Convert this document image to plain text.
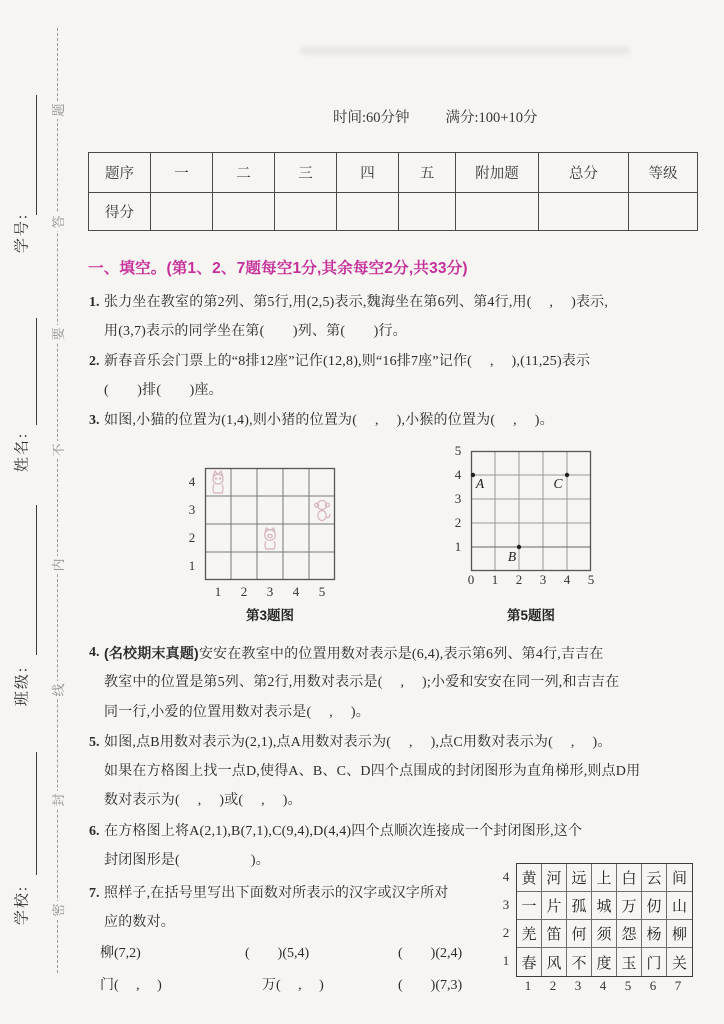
题
答
要
不
内
线
封
密
学号:
姓名:
班级:
学校:
时间:60分钟 满分:100+10分
题序	一	二	三	四	五	附加题	总分	等级
得分								
一、填空。(第1、2、7题每空1分,其余每空2分,共33分)
1. 张力坐在教室的第2列、第5行,用(2,5)表示,魏海坐在第6列、第4行,用(　 , 　)表示,
用(3,7)表示的同学坐在第(　　)列、第(　　)行。
2. 新春音乐会门票上的“8排12座”记作(12,8),则“16排7座”记作(　 , 　),(11,25)表示
(　　)排(　　)座。
3. 如图,小猫的位置为(1,4),则小猪的位置为(　 , 　),小猴的位置为(　 , 　)。
4
3
2
1
1 2 3 4 5
第3题图
5
4
3
2
1
0 1 2 3 4 5
A
B
C
第5题图
4. (名校期末真题)安安在教室中的位置用数对表示是(6,4),表示第6列、第4行,吉吉在
教室中的位置是第5列、第2行,用数对表示是(　 , 　);小爱和安安在同一列,和吉吉在
同一行,小爱的位置用数对表示是(　 , 　)。
5. 如图,点B用数对表示为(2,1),点A用数对表示为(　 , 　),点C用数对表示为(　 , 　)。
如果在方格图上找一点D,使得A、B、C、D四个点围成的封闭图形为直角梯形,则点D用
数对表示为(　 , 　)或(　 , 　)。
6. 在方格图上将A(2,1),B(7,1),C(9,4),D(4,4)四个点顺次连接成一个封闭图形,这个
封闭图形是(　　　　　)。
7. 照样子,在括号里写出下面数对所表示的汉字或汉字所对
应的数对。
柳(7,2)	(　　)(5,4)	(　　)(2,4)
门(　 , 　)	万(　 , 　)	(　　)(7,3)
黄 河 远 上 白 云 间
一 片 孤 城 万 仞 山
羌 笛 何 须 怨 杨 柳
春 风 不 度 玉 门 关
4
3
2
1
1 2 3 4 5 6 7
